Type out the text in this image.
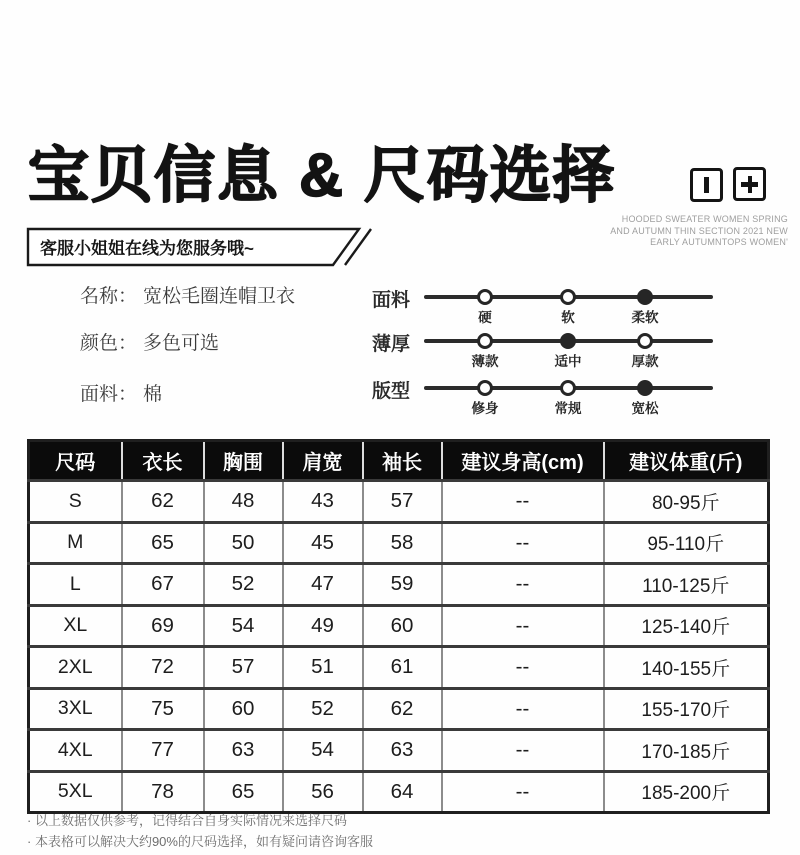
宝贝信息 & 尺码选择
HOODED SWEATER WOMEN SPRING
AND AUTUMN THIN SECTION 2021 NEW
EARLY AUTUMNTOPS WOMEN'
客服小姐姐在线为您服务哦~
名称： 宽松毛圈连帽卫衣
颜色： 多色可选
面料： 棉
面料
硬	软	柔软
薄厚
薄款	适中	厚款
版型
修身	常规	宽松
尺码	衣长	胸围	肩宽	袖长	建议身高(cm)	建议体重(斤)
S	62	48	43	57	--	80-95斤
M	65	50	45	58	--	95-110斤
L	67	52	47	59	--	110-125斤
XL	69	54	49	60	--	125-140斤
2XL	72	57	51	61	--	140-155斤
3XL	75	60	52	62	--	155-170斤
4XL	77	63	54	63	--	170-185斤
5XL	78	65	56	64	--	185-200斤
· 以上数据仅供参考，记得结合自身实际情况来选择尺码
· 本表格可以解决大约90%的尺码选择，如有疑问请咨询客服
